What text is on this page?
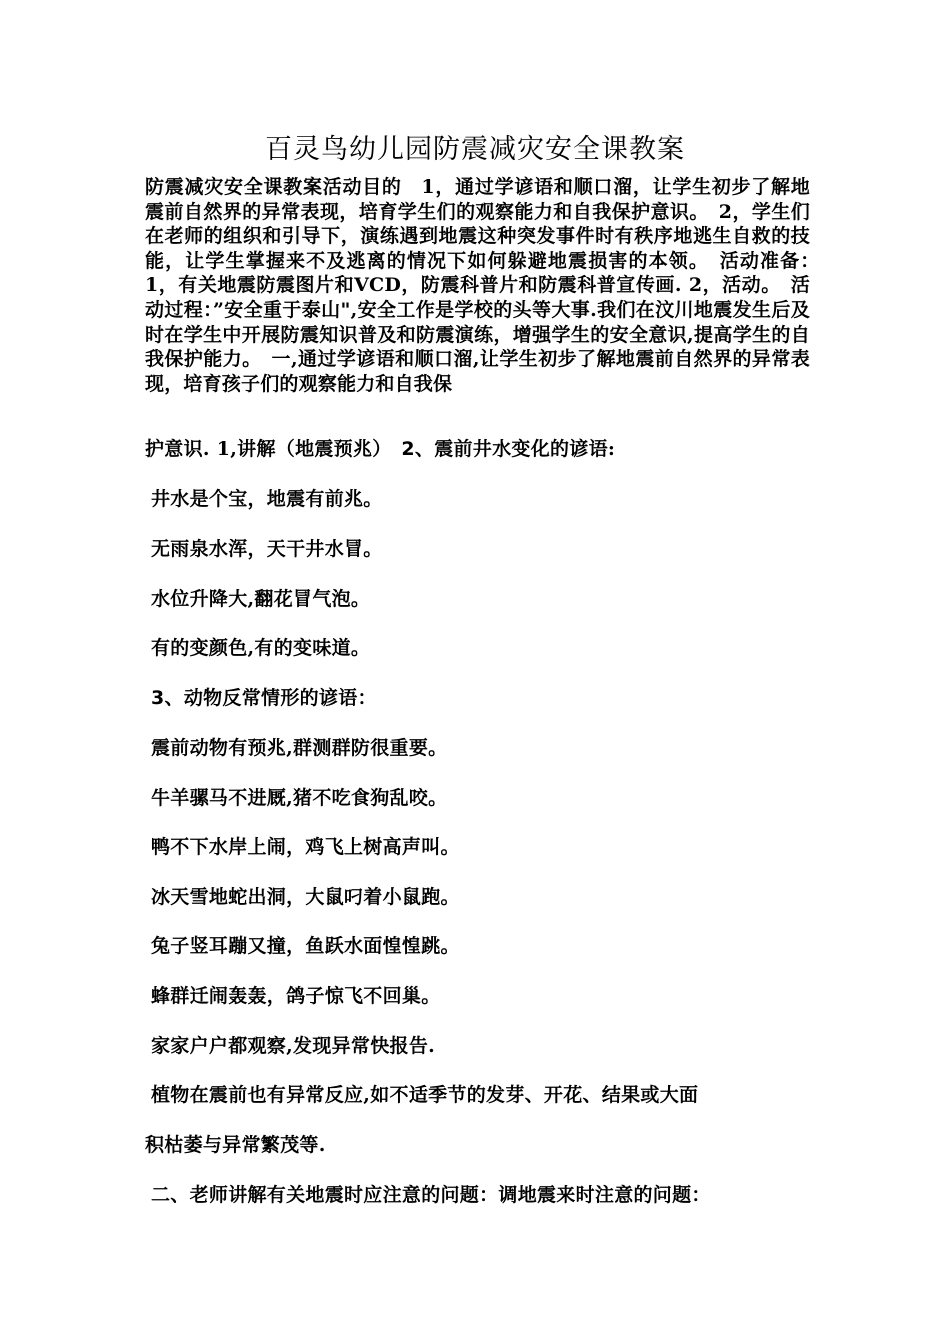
百灵鸟幼儿园防震减灾安全课教案
防震减灾安全课教案活动目的　1，通过学谚语和顺口溜，让学生初步了解地震前自然界的异常表现，培育学生们的观察能力和自我保护意识。　2，学生们在老师的组织和引导下，演练遇到地震这种突发事件时有秩序地逃生自救的技能，让学生掌握来不及逃离的情况下如何躲避地震损害的本领。　活动准备：　1，有关地震防震图片和VCD，防震科普片和防震科普宣传画. 2，活动。　活动过程：”安全重于泰山",安全工作是学校的头等大事.我们在汶川地震发生后及时在学生中开展防震知识普及和防震演练，增强学生的安全意识,提高学生的自我保护能力。　一,通过学谚语和顺口溜,让学生初步了解地震前自然界的异常表现，培育孩子们的观察能力和自我保
护意识. 1,讲解（地震预兆）　2、震前井水变化的谚语:
井水是个宝，地震有前兆。
无雨泉水浑，天干井水冒。
水位升降大,翻花冒气泡。
有的变颜色,有的变味道。
3、动物反常情形的谚语：
震前动物有预兆,群测群防很重要。
牛羊骡马不进厩,猪不吃食狗乱咬。
鸭不下水岸上闹，鸡飞上树高声叫。
冰天雪地蛇出洞，大鼠叼着小鼠跑。
兔子竖耳蹦又撞，鱼跃水面惶惶跳。
蜂群迁闹轰轰，鸽子惊飞不回巢。
家家户户都观察,发现异常快报告.
植物在震前也有异常反应,如不适季节的发芽、开花、结果或大面
积枯萎与异常繁茂等.
二、老师讲解有关地震时应注意的问题：调地震来时注意的问题：
